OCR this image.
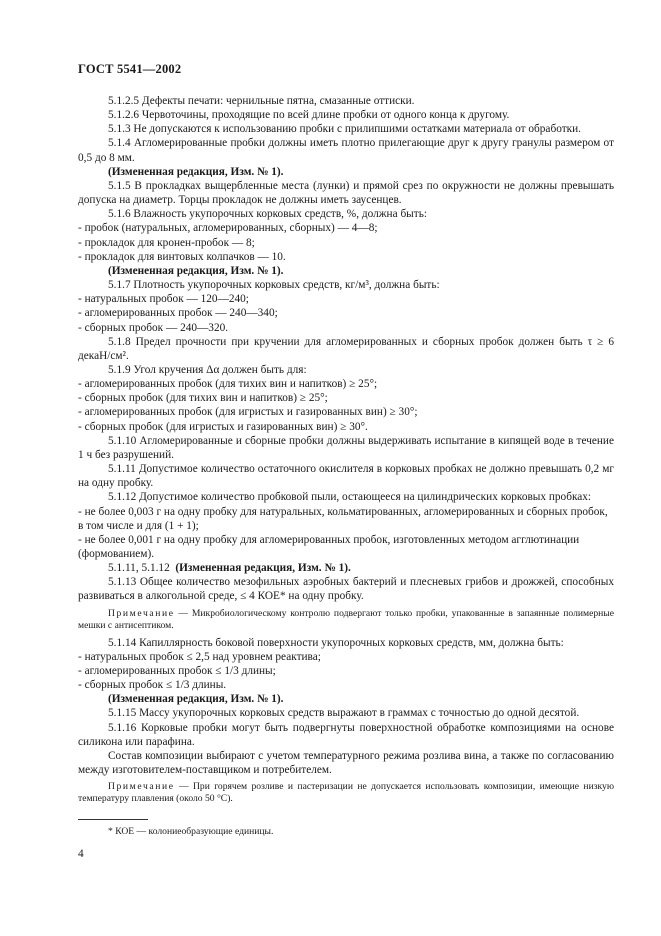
ГОСТ 5541—2002

5.1.2.5 Дефекты печати: чернильные пятна, смазанные оттиски.

5.1.2.6 Червоточины, проходящие по всей длине пробки от одного конца к другому.

5.1.3 Не допускаются к использованию пробки с прилипшими остатками материала от обработки.

5.1.4 Агломерированные пробки должны иметь плотно прилегающие друг к другу гранулы размером от 0,5 до 8 мм.

(Измененная редакция, Изм. № 1).

5.1.5 В прокладках выщербленные места (лунки) и прямой срез по окружности не должны превышать допуска на диаметр. Торцы прокладок не должны иметь заусенцев.

5.1.6 Влажность укупорочных корковых средств, %, должна быть:

- пробок (натуральных, агломерированных, сборных) — 4—8;

- прокладок для кронен-пробок — 8;

- прокладок для винтовых колпачков — 10.

(Измененная редакция, Изм. № 1).

5.1.7 Плотность укупорочных корковых средств, кг/м³, должна быть:

- натуральных пробок — 120—240;

- агломерированных пробок — 240—340;

- сборных пробок — 240—320.

5.1.8 Предел прочности при кручении для агломерированных и сборных пробок должен быть τ ≥ 6 декаН/см².

5.1.9 Угол кручения Δα должен быть для:

- агломерированных пробок (для тихих вин и напитков) ≥ 25°;

- сборных пробок (для тихих вин и напитков) ≥ 25°;

- агломерированных пробок (для игристых и газированных вин) ≥ 30°;

- сборных пробок (для игристых и газированных вин) ≥ 30°.

5.1.10 Агломерированные и сборные пробки должны выдерживать испытание в кипящей воде в течение 1 ч без разрушений.

5.1.11 Допустимое количество остаточного окислителя в корковых пробках не должно превышать 0,2 мг на одну пробку.

5.1.12 Допустимое количество пробковой пыли, остающееся на цилиндрических корковых пробках:

- не более 0,003 г на одну пробку для натуральных, кольматированных, агломерированных и сборных пробок, в том числе и для (1 + 1);

- не более 0,001 г на одну пробку для агломерированных пробок, изготовленных методом агглютинации (формованием).

5.1.11, 5.1.12  (Измененная редакция, Изм. № 1).

5.1.13 Общее количество мезофильных аэробных бактерий и плесневых грибов и дрожжей, способных развиваться в алкогольной среде, ≤ 4 КОЕ* на одну пробку.

Примечание — Микробиологическому контролю подвергают только пробки, упакованные в запаянные полимерные мешки с антисептиком.

5.1.14 Капиллярность боковой поверхности укупорочных корковых средств, мм, должна быть:

- натуральных пробок ≤ 2,5 над уровнем реактива;

- агломерированных пробок ≤ 1/3 длины;

- сборных пробок ≤ 1/3 длины.

(Измененная редакция, Изм. № 1).

5.1.15 Массу укупорочных корковых средств выражают в граммах с точностью до одной десятой.

5.1.16 Корковые пробки могут быть подвергнуты поверхностной обработке композициями на основе силикона или парафина.

Состав композиции выбирают с учетом температурного режима розлива вина, а также по согласованию между изготовителем-поставщиком и потребителем.

Примечание — При горячем розливе и пастеризации не допускается использовать композиции, имеющие низкую температуру плавления (около 50 °С).

* КОЕ — колониеобразующие единицы.
4
